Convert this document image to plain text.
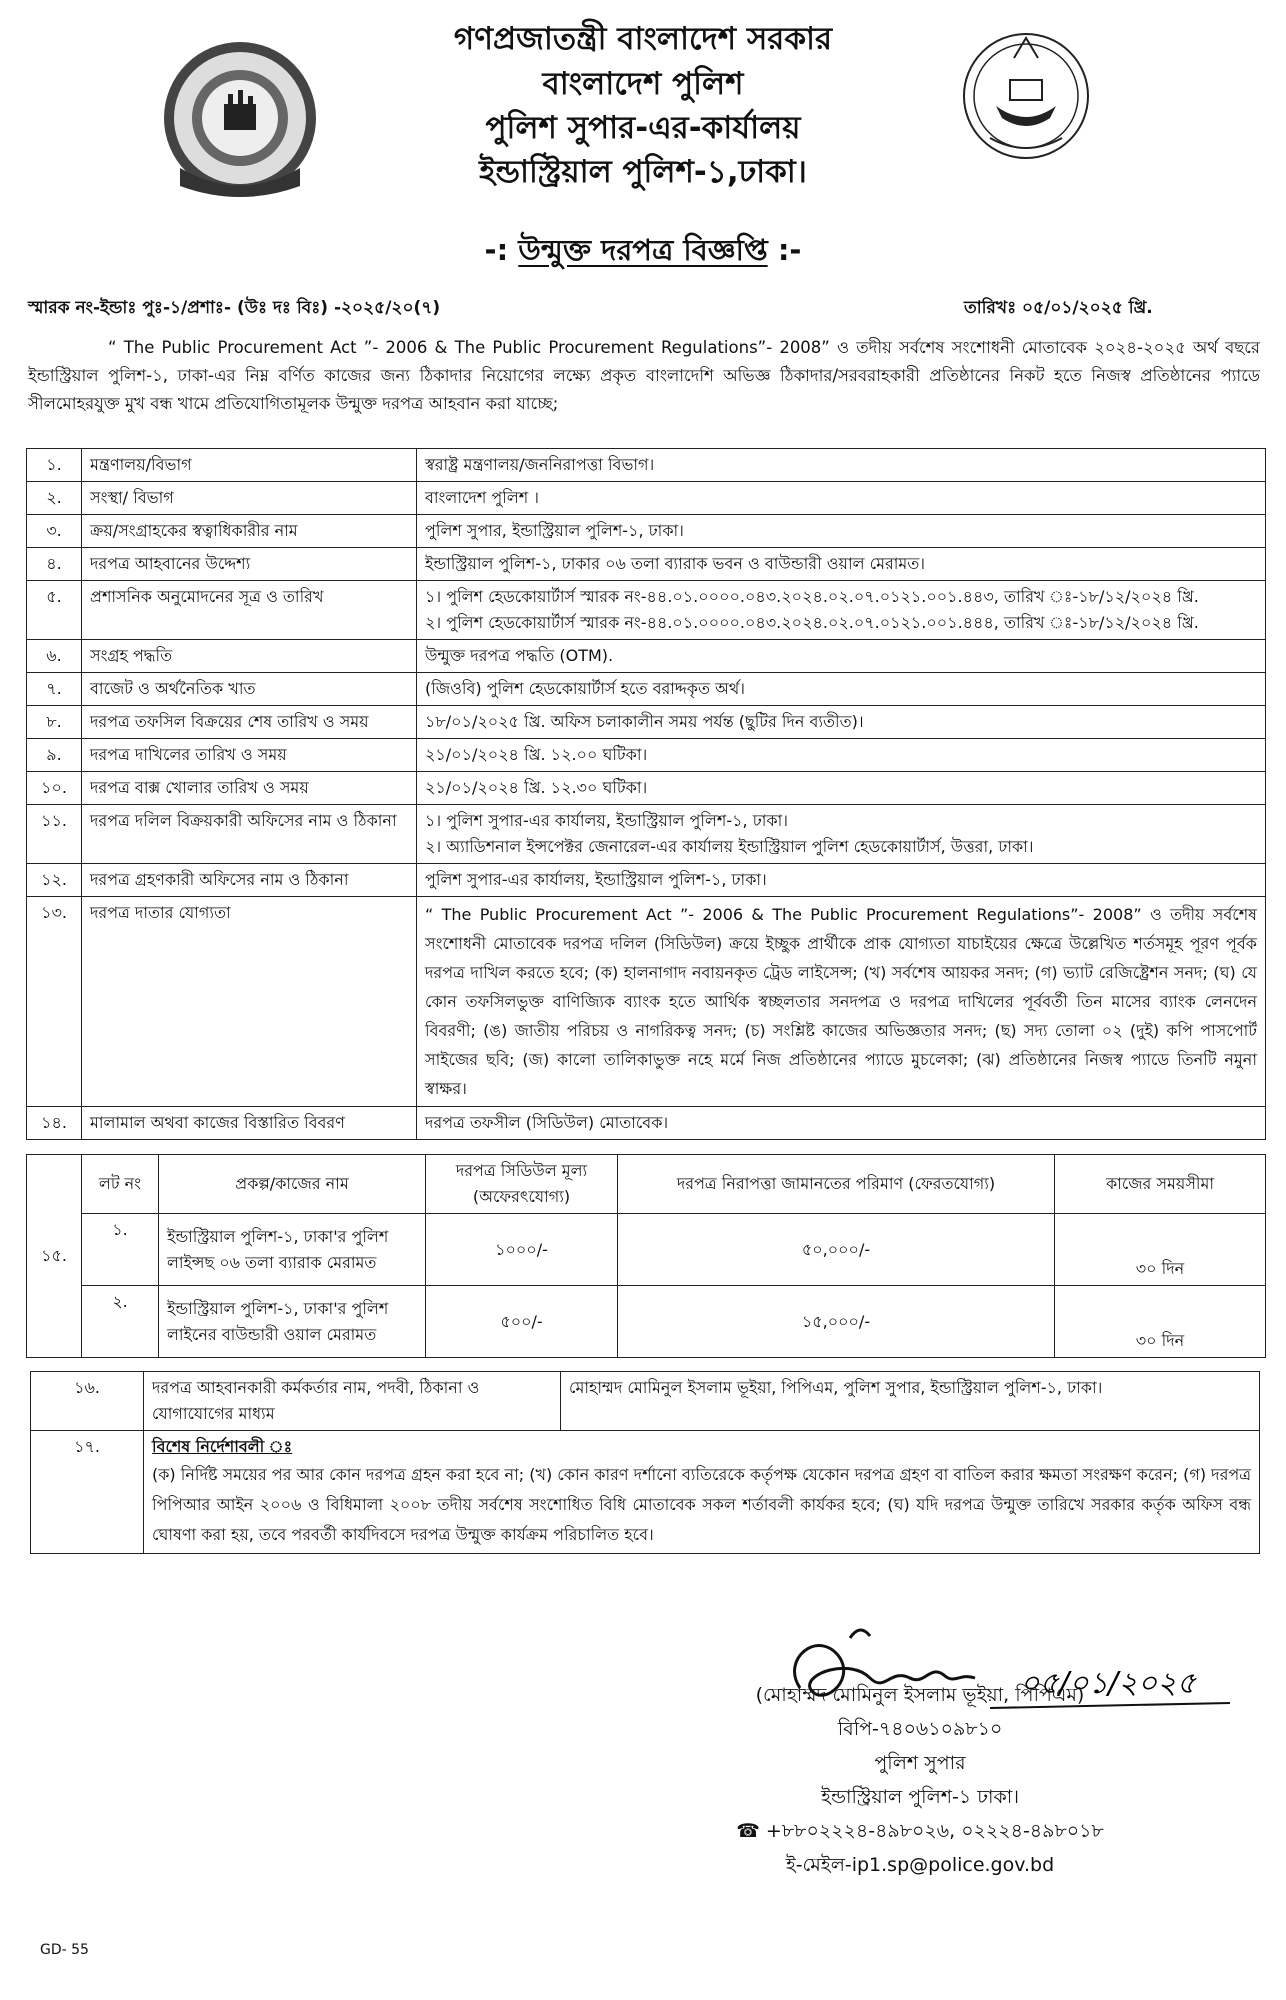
গণপ্রজাতন্ত্রী বাংলাদেশ সরকার
বাংলাদেশ পুলিশ
পুলিশ সুপার-এর-কার্যালয়
ইন্ডাস্ট্রিয়াল পুলিশ-১,ঢাকা।
-: উন্মুক্ত দরপত্র বিজ্ঞপ্তি :-
স্মারক নং-ইন্ডাঃ পুঃ-১/প্রশাঃ- (উঃ দঃ বিঃ) -২০২৫/২০(৭)	তারিখঃ ০৫/০১/২০২৫ খ্রি.
“ The Public Procurement Act ”- 2006 & The Public Procurement Regulations”- 2008” ও তদীয় সর্বশেষ সংশোধনী মোতাবেক ২০২৪-২০২৫ অর্থ বছরে ইন্ডাস্ট্রিয়াল পুলিশ-১, ঢাকা-এর নিম্ন বর্ণিত কাজের জন্য ঠিকাদার নিয়োগের লক্ষ্যে প্রকৃত বাংলাদেশি অভিজ্ঞ ঠিকাদার/সরবরাহকারী প্রতিষ্ঠানের নিকট হতে নিজস্ব প্রতিষ্ঠানের প্যাডে সীলমোহরযুক্ত মুখ বন্ধ খামে প্রতিযোগিতামূলক উন্মুক্ত দরপত্র আহবান করা যাচ্ছে;
১.	মন্ত্রণালয়/বিভাগ	স্বরাষ্ট্র মন্ত্রণালয়/জননিরাপত্তা বিভাগ।
২.	সংস্থা/ বিভাগ	বাংলাদেশ পুলিশ ।
৩.	ক্রয়/সংগ্রাহকের স্বত্বাধিকারীর নাম	পুলিশ সুপার, ইন্ডাস্ট্রিয়াল পুলিশ-১, ঢাকা।
৪.	দরপত্র আহবানের উদ্দেশ্য	ইন্ডাস্ট্রিয়াল পুলিশ-১, ঢাকার ০৬ তলা ব্যারাক ভবন ও বাউন্ডারী ওয়াল মেরামত।
৫.	প্রশাসনিক অনুমোদনের সূত্র ও তারিখ	১। পুলিশ হেডকোয়ার্টার্স স্মারক নং-৪৪.০১.০০০০.০৪৩.২০২৪.০২.০৭.০১২১.০০১.৪৪৩, তারিখ ঃ-১৮/১২/২০২৪ খ্রি.
২। পুলিশ হেডকোয়ার্টার্স স্মারক নং-৪৪.০১.০০০০.০৪৩.২০২৪.০২.০৭.০১২১.০০১.৪৪৪, তারিখ ঃ-১৮/১২/২০২৪ খ্রি.

৬.	সংগ্রহ পদ্ধতি	উন্মুক্ত দরপত্র পদ্ধতি (OTM).
৭.	বাজেট ও অর্থনৈতিক খাত	(জিওবি) পুলিশ হেডকোয়ার্টার্স হতে বরাদ্দকৃত অর্থ।
৮.	দরপত্র তফসিল বিক্রয়ের শেষ তারিখ ও সময়	১৮/০১/২০২৫ খ্রি. অফিস চলাকালীন সময় পর্যন্ত (ছুটির দিন ব্যতীত)।
৯.	দরপত্র দাখিলের তারিখ ও সময়	২১/০১/২০২৪ খ্রি. ১২.০০ ঘটিকা।
১০.	দরপত্র বাক্স খোলার তারিখ ও সময়	২১/০১/২০২৪ খ্রি. ১২.৩০ ঘটিকা।
১১.	দরপত্র দলিল বিক্রয়কারী অফিসের নাম ও ঠিকানা	১। পুলিশ সুপার-এর কার্যালয়, ইন্ডাস্ট্রিয়াল পুলিশ-১, ঢাকা।
২। অ্যাডিশনাল ইন্সপেক্টর জেনারেল-এর কার্যালয় ইন্ডাস্ট্রিয়াল পুলিশ হেডকোয়ার্টার্স, উত্তরা, ঢাকা।

১২.	দরপত্র গ্রহণকারী অফিসের নাম ও ঠিকানা	পুলিশ সুপার-এর কার্যালয়, ইন্ডাস্ট্রিয়াল পুলিশ-১, ঢাকা।
১৩.	দরপত্র দাতার যোগ্যতা	“ The Public Procurement Act ”- 2006 & The Public Procurement Regulations”- 2008” ও তদীয় সর্বশেষ সংশোধনী মোতাবেক দরপত্র দলিল (সিডিউল) ক্রয়ে ইচ্ছুক প্রার্থীকে প্রাক যোগ্যতা যাচাইয়ের ক্ষেত্রে উল্লেখিত শর্তসমূহ পূরণ পূর্বক দরপত্র দাখিল করতে হবে; (ক) হালনাগাদ নবায়নকৃত ট্রেড লাইসেন্স; (খ) সর্বশেষ আয়কর সনদ; (গ) ভ্যাট রেজিষ্ট্রেশন সনদ; (ঘ) যে কোন তফসিলভুক্ত বাণিজ্যিক ব্যাংক হতে আর্থিক স্বচ্ছলতার সনদপত্র ও দরপত্র দাখিলের পূর্ববর্তী তিন মাসের ব্যাংক লেনদেন বিবরণী; (ঙ) জাতীয় পরিচয় ও নাগরিকত্ব সনদ; (চ) সংশ্লিষ্ট কাজের অভিজ্ঞতার সনদ; (ছ) সদ্য তোলা ০২ (দুই) কপি পাসপোর্ট সাইজের ছবি; (জ) কালো তালিকাভুক্ত নহে মর্মে নিজ প্রতিষ্ঠানের প্যাডে মুচলেকা; (ঝ) প্রতিষ্ঠানের নিজস্ব প্যাডে তিনটি নমুনা স্বাক্ষর।
১৪.	মালামাল অথবা কাজের বিস্তারিত বিবরণ	দরপত্র তফসীল (সিডিউল) মোতাবেক।
১৫.	লট নং	প্রকল্প/কাজের নাম	দরপত্র সিডিউল মূল্য (অফেরৎযোগ্য)	দরপত্র নিরাপত্তা জামানতের পরিমাণ (ফেরতযোগ্য)	কাজের সময়সীমা
	১.	ইন্ডাস্ট্রিয়াল পুলিশ-১, ঢাকা'র পুলিশ লাইন্সছ ০৬ তলা ব্যারাক মেরামত	১০০০/-	৫০,০০০/-	৩০ দিন
	২.	ইন্ডাস্ট্রিয়াল পুলিশ-১, ঢাকা'র পুলিশ লাইনের বাউন্ডারী ওয়াল মেরামত	৫০০/-	১৫,০০০/-	৩০ দিন
১৬.	দরপত্র আহবানকারী কর্মকর্তার নাম, পদবী, ঠিকানা ও যোগাযোগের মাধ্যম	মোহাম্মদ মোমিনুল ইসলাম ভূইয়া, পিপিএম, পুলিশ সুপার, ইন্ডাস্ট্রিয়াল পুলিশ-১, ঢাকা।
১৭.	বিশেষ নির্দেশাবলী ঃ
(ক) নির্দিষ্ট সময়ের পর আর কোন দরপত্র গ্রহন করা হবে না; (খ) কোন কারণ দর্শানো ব্যতিরেকে কর্তৃপক্ষ যেকোন দরপত্র গ্রহণ বা বাতিল করার ক্ষমতা সংরক্ষণ করেন; (গ) দরপত্র পিপিআর আইন ২০০৬ ও বিধিমালা ২০০৮ তদীয় সর্বশেষ সংশোধিত বিধি মোতাবেক সকল শর্তাবলী কার্যকর হবে; (ঘ) যদি দরপত্র উন্মুক্ত তারিখে সরকার কর্তৃক অফিস বন্ধ ঘোষণা করা হয়, তবে পরবর্তী কার্যদিবসে দরপত্র উন্মুক্ত কার্যক্রম পরিচালিত হবে।	
০৫/০১/২০২৫
(মোহাম্মদ মোমিনুল ইসলাম ভূইয়া, পিপিএম)
বিপি-৭৪০৬১০৯৮১০
পুলিশ সুপার
ইন্ডাস্ট্রিয়াল পুলিশ-১ ঢাকা।
☎ +৮৮০২২২৪-৪৯৮০২৬, ০২২২৪-৪৯৮০১৮
ই-মেইল-ip1.sp@police.gov.bd
GD- 55
